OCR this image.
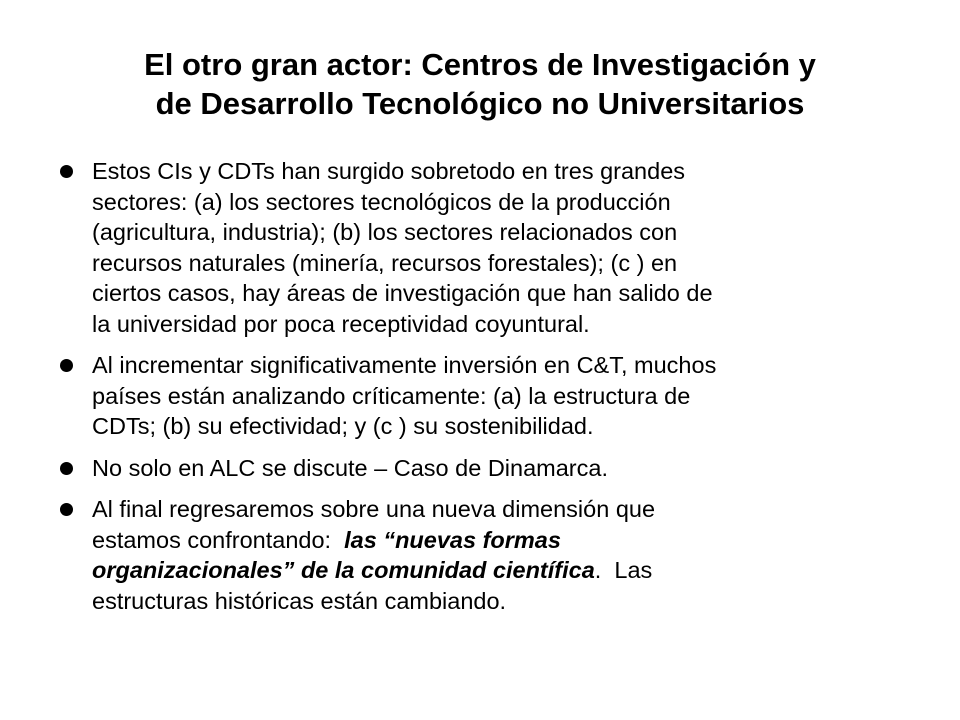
El otro gran actor: Centros de Investigación y
de Desarrollo Tecnológico no Universitarios
Estos CIs y CDTs han surgido sobretodo en tres grandes
sectores: (a) los sectores tecnológicos de la producción
(agricultura, industria); (b) los sectores relacionados con
recursos naturales (minería, recursos forestales); (c ) en
ciertos casos, hay áreas de investigación que han salido de
la universidad por poca receptividad coyuntural.
Al incrementar significativamente inversión en C&T, muchos
países están analizando críticamente: (a) la estructura de
CDTs; (b) su efectividad; y (c ) su sostenibilidad.
No solo en ALC se discute – Caso de Dinamarca.
Al final regresaremos sobre una nueva dimensión que
estamos confrontando:  las “nuevas formas
organizacionales” de la comunidad científica.  Las
estructuras históricas están cambiando.
